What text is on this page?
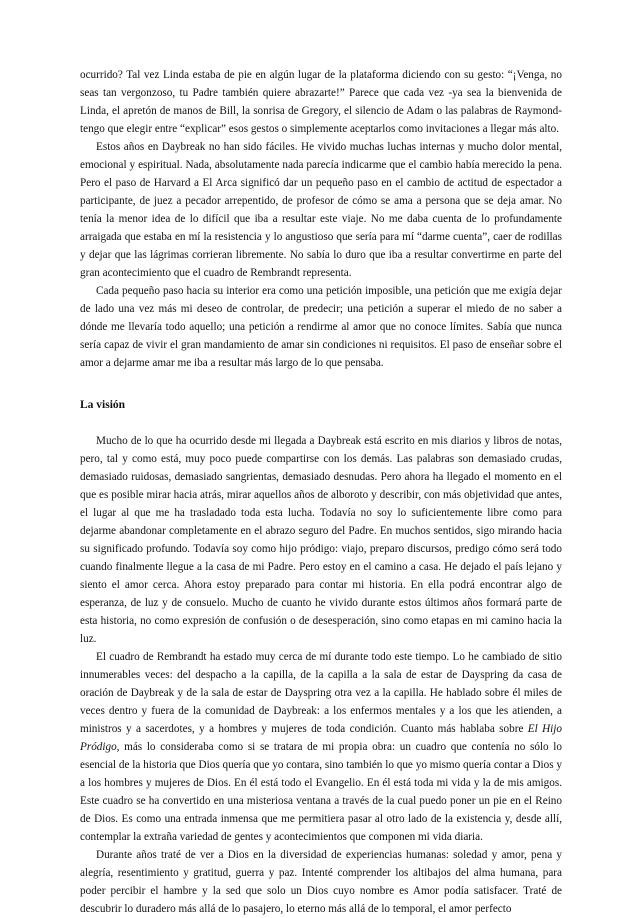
ocurrido? Tal vez Linda estaba de pie en algún lugar de la plataforma diciendo con su gesto: “¡Venga, no seas tan vergonzoso, tu Padre también quiere abrazarte!” Parece que cada vez -ya sea la bienvenida de Linda, el apretón de manos de Bill, la sonrisa de Gregory, el silencio de Adam o las palabras de Raymond- tengo que elegir entre “explicar” esos gestos o simplemente aceptarlos como invitaciones a llegar más alto.

Estos años en Daybreak no han sido fáciles. He vivido muchas luchas internas y mucho dolor mental, emocional y espiritual. Nada, absolutamente nada parecía indicarme que el cambio había merecido la pena. Pero el paso de Harvard a El Arca significó dar un pequeño paso en el cambio de actitud de espectador a participante, de juez a pecador arrepentido, de profesor de cómo se ama a persona que se deja amar. No tenía la menor idea de lo difícil que iba a resultar este viaje. No me daba cuenta de lo profundamente arraigada que estaba en mí la resistencia y lo angustioso que sería para mí “darme cuenta”, caer de rodillas y dejar que las lágrimas corrieran libremente. No sabía lo duro que iba a resultar convertirme en parte del gran acontecimiento que el cuadro de Rembrandt representa.

Cada pequeño paso hacia su interior era como una petición imposible, una petición que me exigía dejar de lado una vez más mi deseo de controlar, de predecir; una petición a superar el miedo de no saber a dónde me llevaría todo aquello; una petición a rendirme al amor que no conoce límites. Sabía que nunca sería capaz de vivir el gran mandamiento de amar sin condiciones ni requisitos. El paso de enseñar sobre el amor a dejarme amar me iba a resultar más largo de lo que pensaba.

La visión

Mucho de lo que ha ocurrido desde mi llegada a Daybreak está escrito en mis diarios y libros de notas, pero, tal y como está, muy poco puede compartirse con los demás. Las palabras son demasiado crudas, demasiado ruidosas, demasiado sangrientas, demasiado desnudas. Pero ahora ha llegado el momento en el que es posible mirar hacia atrás, mirar aquellos años de alboroto y describir, con más objetividad que antes, el lugar al que me ha trasladado toda esta lucha. Todavía no soy lo suficientemente libre como para dejarme abandonar completamente en el abrazo seguro del Padre. En muchos sentidos, sigo mirando hacia su significado profundo. Todavía soy como hijo pródigo: viajo, preparo discursos, predigo cómo será todo cuando finalmente llegue a la casa de mi Padre. Pero estoy en el camino a casa. He dejado el país lejano y siento el amor cerca. Ahora estoy preparado para contar mi historia. En ella podrá encontrar algo de esperanza, de luz y de consuelo. Mucho de cuanto he vivido durante estos últimos años formará parte de esta historia, no como expresión de confusión o de desesperación, sino como etapas en mi camino hacia la luz.

El cuadro de Rembrandt ha estado muy cerca de mí durante todo este tiempo. Lo he cambiado de sitio innumerables veces: del despacho a la capilla, de la capilla a la sala de estar de Dayspring da casa de oración de Daybreak y de la sala de estar de Dayspring otra vez a la capilla. He hablado sobre él miles de veces dentro y fuera de la comunidad de Daybreak: a los enfermos mentales y a los que les atienden, a ministros y a sacerdotes, y a hombres y mujeres de toda condición. Cuanto más hablaba sobre El Hijo Pródigo, más lo consideraba como si se tratara de mi propia obra: un cuadro que contenía no sólo lo esencial de la historia que Dios quería que yo contara, sino también lo que yo mismo quería contar a Dios y a los hombres y mujeres de Dios. En él está todo el Evangelio. En él está toda mi vida y la de mis amigos. Este cuadro se ha convertido en una misteriosa ventana a través de la cual puedo poner un pie en el Reino de Dios. Es como una entrada inmensa que me permitiera pasar al otro lado de la existencia y, desde allí, contemplar la extraña variedad de gentes y acontecimientos que componen mi vida diaria.

Durante años traté de ver a Dios en la diversidad de experiencias humanas: soledad y amor, pena y alegría, resentimiento y gratitud, guerra y paz. Intenté comprender los altibajos del alma humana, para poder percibir el hambre y la sed que solo un Dios cuyo nombre es Amor podía satisfacer. Traté de descubrir lo duradero más allá de lo pasajero, lo eterno más allá de lo temporal, el amor perfecto
